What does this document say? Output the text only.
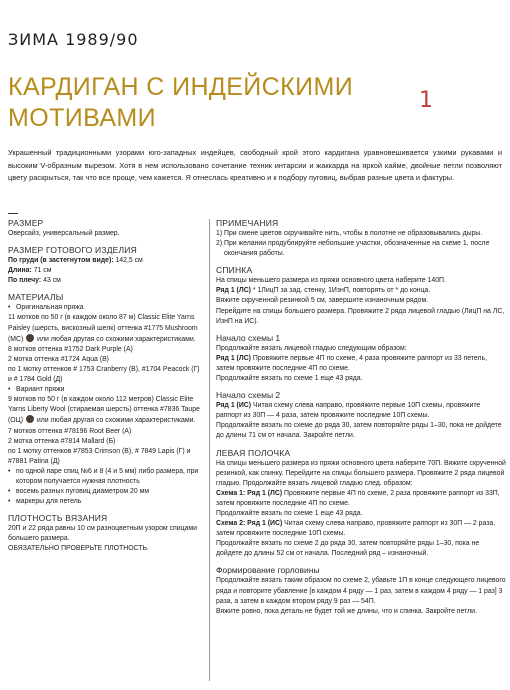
ЗИМА 1989/90
КАРДИГАН С ИНДЕЙСКИМИ
МОТИВАМИ
1

Украшенный традиционными узорами юго-западных индейцев, свободный крой этого кардигана уравновешивается узкими рукавами и высоким V-образным вырезом. Хотя в нем использовано сочетание техник интарсии и жаккарда на яркой кайме, двойные петли позволяют цвету раскрыться, так что все проще, чем кажется. Я отнеслась креативно и к подбору пуговиц, выбрав разные цвета и фактуры.

РАЗМЕР

Оверсайз, универсальный размер.

РАЗМЕР ГОТОВОГО ИЗДЕЛИЯ

По груди (в застегнутом виде): 142,5 см

Длина: 71 см

По плечу: 43 см

МАТЕРИАЛЫ

• Оригинальная пряжа

11 мотков по 50 г (в каждом около 87 м) Classic Elite Yarns Paisley (шерсть, вискозный шелк) оттенка #1775 Mushroom (МС)  или любая другая со схожими характеристиками.

8 мотков оттенка #1752 Dark Purple (A)

2 мотка оттенка #1724 Aqua (B)

по 1 мотку оттенков # 1753 Cranberry (B), #1704 Peacock (Г) и # 1784 Gold (Д)

• Вариант пряжи

9 мотков по 50 г (в каждом около 112 метров) Classic Elite Yarns Liberty Wool (стираемая шерсть) оттенка #7836 Taupe (ОЦ)  или любая другая со схожими характеристиками.

7 мотков оттенка #78196 Root Beer (A)

2 мотка оттенка #7814 Mallard (Б)

по 1 мотку оттенков #7853 Crimson (B), # 7849 Lapis (Г) и #7881 Patina (Д)

• по одной паре спиц №6 и 8 (4 и 5 мм) либо размера, при котором получается нужная плотность

• восемь разных пуговиц диаметром 20 мм

• маркеры для петель

ПЛОТНОСТЬ ВЯЗАНИЯ

20П и 22 ряда равны 10 см разноцветным узором спицами большего размера.

ОБЯЗАТЕЛЬНО ПРОВЕРЬТЕ ПЛОТНОСТЬ.

ПРИМЕЧАНИЯ

1) При смене цветов скручивайте нить, чтобы в полотне не образовывались дыры.

2) При желании продублируйте небольшие участки, обозначенные на схеме 1, после окончания работы.

СПИНКА

На спицы меньшего размера из пряжи основного цвета наберите 140П.

Ряд 1 (ЛС) * 1ЛицП за зад. стенку, 1ИзнП, повторять от * до конца.

Вяжите скрученной резинкой 5 см, завершите изнаночным рядом.

Перейдите на спицы большего размера. Провяжите 2 ряда лицевой гладью (ЛицП на ЛС, ИзнП на ИС).

Начало схемы 1

Продолжайте вязать лицевой гладью следующим образом:

Ряд 1 (ЛС) Провяжите первые 4П по схеме, 4 раза провяжите раппорт из 33 петель, затем провяжите последние 4П по схеме.

Продолжайте вязать по схеме 1 еще 43 ряда.

Начало схемы 2

Ряд 1 (ИС) Читая схему слева направо, провяжите первые 10П схемы, провяжите раппорт из 30П — 4 раза, затем провяжите последние 10П схемы.

Продолжайте вязать по схеме до ряда 30, затем повторяйте ряды 1–30, пока не дойдете до длины 71 см от начала. Закройте петли.

ЛЕВАЯ ПОЛОЧКА

На спицы меньшего размера из пряжи основного цвета наберите 70П. Вяжите скрученной резинкой, как спинку. Перейдите на спицы большего размера. Провяжите 2 ряда лицевой гладью. Продолжайте вязать лицевой гладью след. образом:

Схема 1: Ряд 1 (ЛС) Провяжите первые 4П по схеме, 2 раза провяжите раппорт из 33П, затем провяжите последние 4П по схеме.

Продолжайте вязать по схеме 1 еще 43 ряда.

Схема 2: Ряд 1 (ИС) Читая схему слева направо, провяжите раппорт из 30П — 2 раза, затем провяжите последние 10П схемы.

Продолжайте вязать по схеме 2 до ряда 30, затем повторяйте ряды 1–30, пока не дойдете до длины 52 см от начала. Последний ряд – изнаночный.

Формирование горловины

Продолжайте вязать таким образом по схеме 2, убавьте 1П в конце следующего лицевого ряда и повторите убавление [в каждом 4 ряду — 1 раз, затем в каждом 4 ряду — 1 раз] 3 раза, а затем в каждом втором ряду 9 раз — 54П.

Вяжите ровно, пока деталь не будет той же длины, что и спинка. Закройте петли.
